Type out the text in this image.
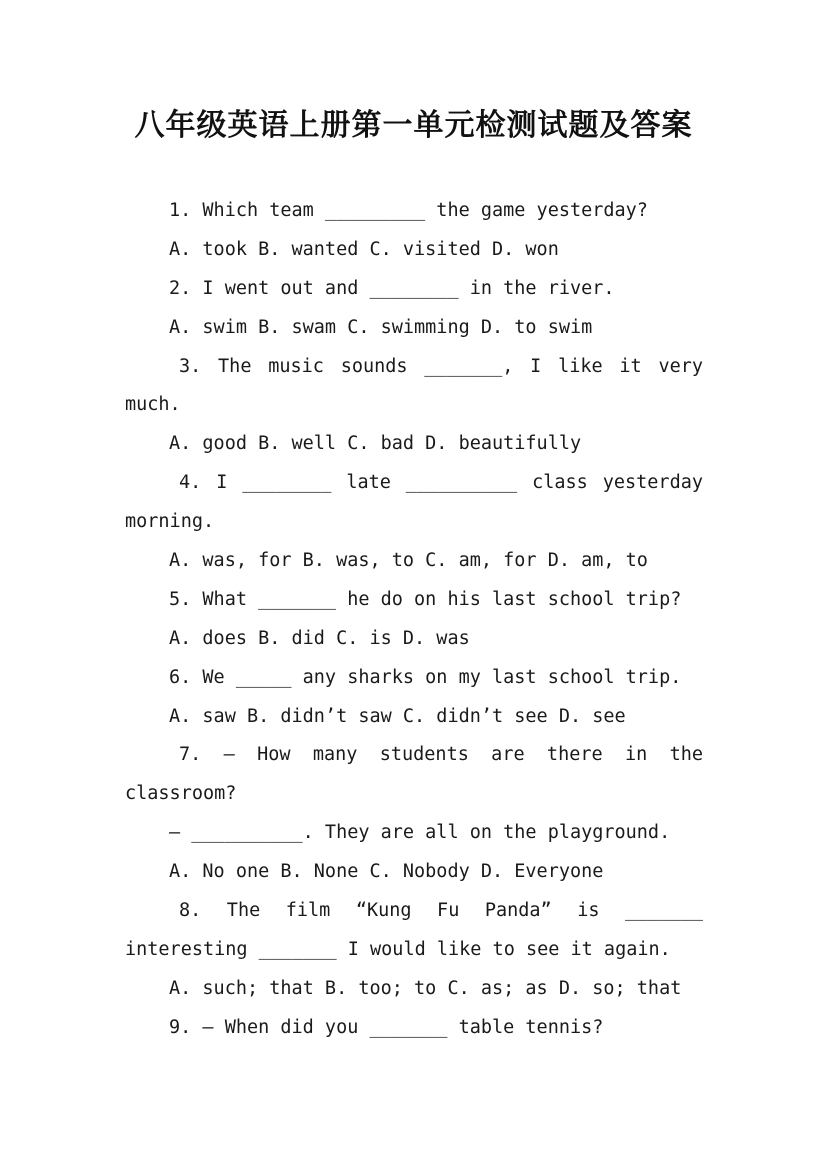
八年级英语上册第一单元检测试题及答案
1. Which team _________ the game yesterday?
A. took B. wanted C. visited D. won
2. I went out and ________ in the river.
A. swim B. swam C. swimming D. to swim
3. The music sounds _______, I like it very
much.
A. good B. well C. bad D. beautifully
4. I ________ late __________ class yesterday
morning.
A. was, for B. was, to C. am, for D. am, to
5. What _______ he do on his last school trip?
A. does B. did C. is D. was
6. We _____ any sharks on my last school trip.
A. saw B. didn’t saw C. didn’t see D. see
7. — How many students are there in the
classroom?
— __________. They are all on the playground.
A. No one B. None C. Nobody D. Everyone
8. The film “Kung Fu Panda” is _______
interesting _______ I would like to see it again.
A. such; that B. too; to C. as; as D. so; that
9. — When did you _______ table tennis?
